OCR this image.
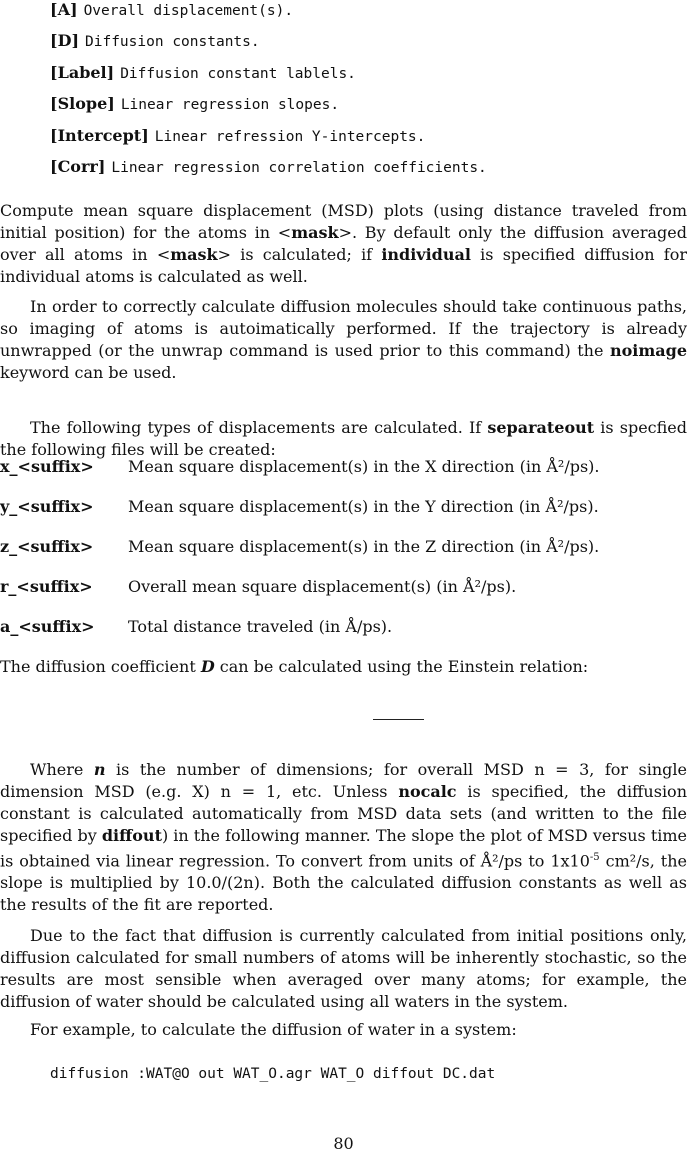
[A] Overall displacement(s).
[D] Diffusion constants.
[Label] Diffusion constant lablels.
[Slope] Linear regression slopes.
[Intercept] Linear refression Y-intercepts.
[Corr] Linear regression correlation coefficients.

Compute mean square displacement (MSD) plots (using distance traveled from initial position) for the atoms in <mask>. By default only the diffusion averaged over all atoms in <mask> is calculated; if individual is specified diffusion for individual atoms is calculated as well.

In order to correctly calculate diffusion molecules should take continuous paths, so imaging of atoms is autoimatically performed. If the trajectory is already unwrapped (or the unwrap command is used prior to this command) the noimage keyword can be used.

The following types of displacements are calculated. If separateout is specfied the following files will be created:

x_<suffix> Mean square displacement(s) in the X direction (in Å²/ps).
y_<suffix> Mean square displacement(s) in the Y direction (in Å²/ps).
z_<suffix> Mean square displacement(s) in the Z direction (in Å²/ps).
r_<suffix> Overall mean square displacement(s) (in Å²/ps).
a_<suffix> Total distance traveled (in Å/ps).

The diffusion coefficient D can be calculated using the Einstein relation:

Where n is the number of dimensions; for overall MSD n = 3, for single dimension MSD (e.g. X) n = 1, etc. Unless nocalc is specified, the diffusion constant is calculated automatically from MSD data sets (and written to the file specified by diffout) in the following manner. The slope the plot of MSD versus time is obtained via linear regression. To convert from units of Å²/ps to $1x10^{-5}$ cm²/s, the slope is multiplied by 10.0/(2n). Both the calculated diffusion constants as well as the results of the fit are reported.

Due to the fact that diffusion is currently calculated from initial positions only, diffusion calculated for small numbers of atoms will be inherently stochastic, so the results are most sensible when averaged over many atoms; for example, the diffusion of water should be calculated using all waters in the system.

For example, to calculate the diffusion of water in a system:

diffusion :WAT@O out WAT_O.agr WAT_O diffout DC.dat
80
